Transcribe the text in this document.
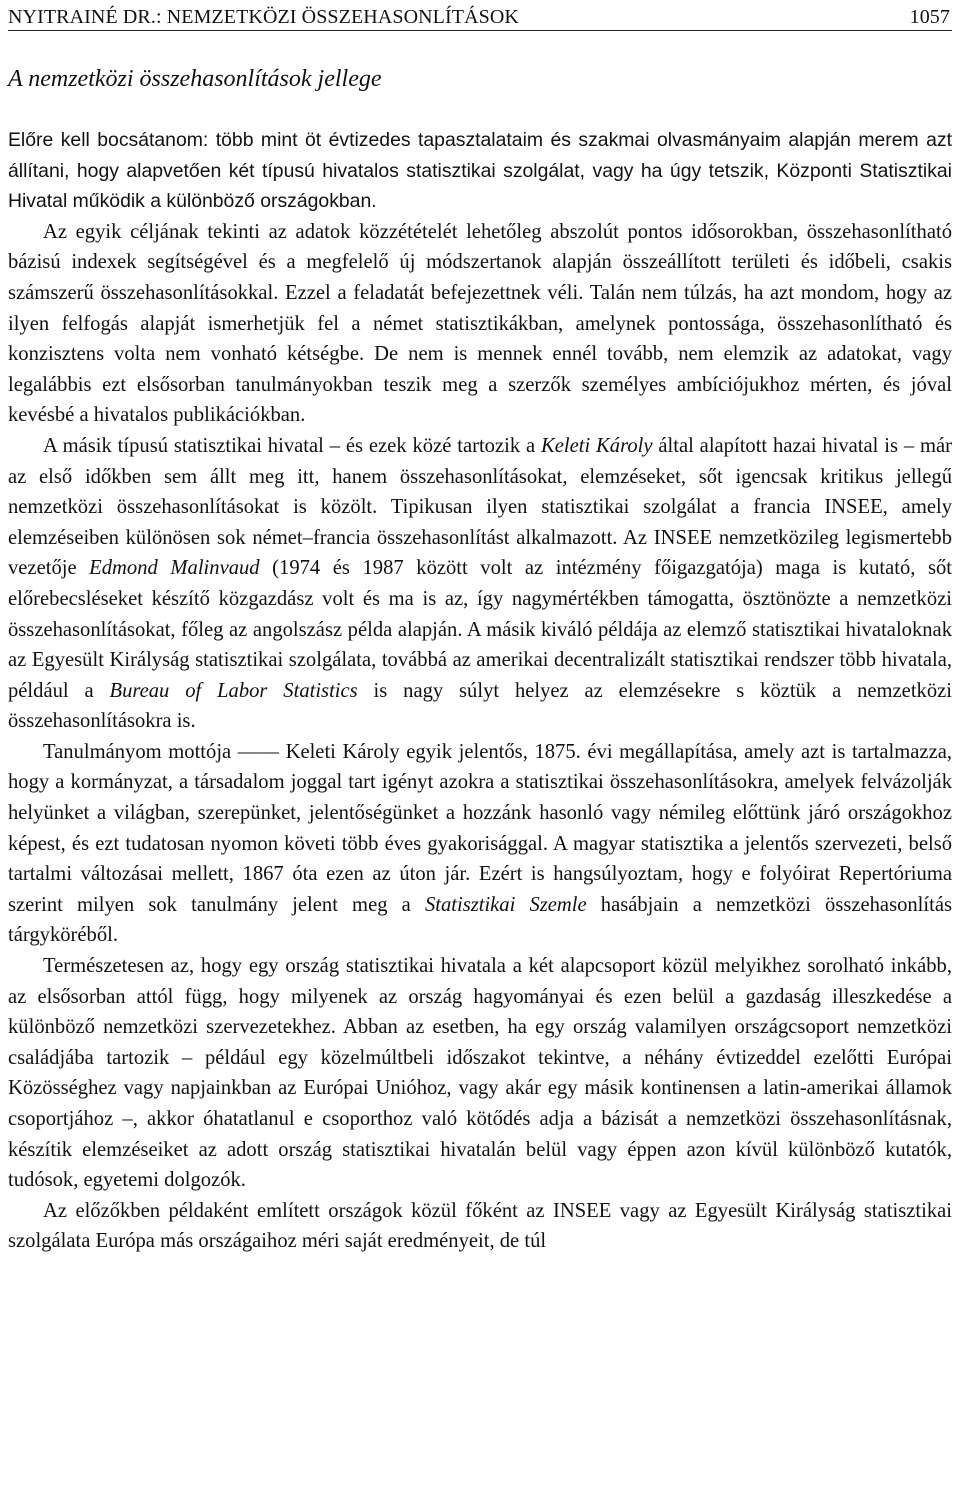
NYITRAINÉ DR.: NEMZETKÖZI ÖSSZEHASONLÍTÁSOK	1057
A nemzetközi összehasonlítások jellege

Előre kell bocsátanom: több mint öt évtizedes tapasztalataim és szakmai olvasmányaim alapján merem azt állítani, hogy alapvetően két típusú hivatalos statisztikai szolgálat, vagy ha úgy tetszik, Központi Statisztikai Hivatal működik a különböző országokban.

Az egyik céljának tekinti az adatok közzétételét lehetőleg abszolút pontos idősorokban, összehasonlítható bázisú indexek segítségével és a megfelelő új módszertanok alapján összeállított területi és időbeli, csakis számszerű összehasonlításokkal. Ezzel a feladatát befejezettnek véli. Talán nem túlzás, ha azt mondom, hogy az ilyen felfogás alapját ismerhetjük fel a német statisztikákban, amelynek pontossága, összehasonlítható és konzisztens volta nem vonható kétségbe. De nem is mennek ennél tovább, nem elemzik az adatokat, vagy legalábbis ezt elsősorban tanulmányokban teszik meg a szerzők személyes ambíciójukhoz mérten, és jóval kevésbé a hivatalos publikációkban.

A másik típusú statisztikai hivatal – és ezek közé tartozik a Keleti Károly által alapított hazai hivatal is – már az első időkben sem állt meg itt, hanem összehasonlításokat, elemzéseket, sőt igencsak kritikus jellegű nemzetközi összehasonlításokat is közölt. Tipikusan ilyen statisztikai szolgálat a francia INSEE, amely elemzéseiben különösen sok német–francia összehasonlítást alkalmazott. Az INSEE nemzetközileg legismertebb vezetője Edmond Malinvaud (1974 és 1987 között volt az intézmény főigazgatója) maga is kutató, sőt előrebecsléseket készítő közgazdász volt és ma is az, így nagymértékben támogatta, ösztönözte a nemzetközi összehasonlításokat, főleg az angolszász példa alapján. A másik kiváló példája az elemző statisztikai hivataloknak az Egyesült Királyság statisztikai szolgálata, továbbá az amerikai decentralizált statisztikai rendszer több hivatala, például a Bureau of Labor Statistics is nagy súlyt helyez az elemzésekre s köztük a nemzetközi összehasonlításokra is.

Tanulmányom mottója —— Keleti Károly egyik jelentős, 1875. évi megállapítása, amely azt is tartalmazza, hogy a kormányzat, a társadalom joggal tart igényt azokra a statisztikai összehasonlításokra, amelyek felvázolják helyünket a világban, szerepünket, jelentőségünket a hozzánk hasonló vagy némileg előttünk járó országokhoz képest, és ezt tudatosan nyomon követi több éves gyakorisággal. A magyar statisztika a jelentős szervezeti, belső tartalmi változásai mellett, 1867 óta ezen az úton jár. Ezért is hangsúlyoztam, hogy e folyóirat Repertóriuma szerint milyen sok tanulmány jelent meg a Statisztikai Szemle hasábjain a nemzetközi összehasonlítás tárgyköréből.

Természetesen az, hogy egy ország statisztikai hivatala a két alapcsoport közül melyikhez sorolható inkább, az elsősorban attól függ, hogy milyenek az ország hagyományai és ezen belül a gazdaság illeszkedése a különböző nemzetközi szervezetekhez. Abban az esetben, ha egy ország valamilyen országcsoport nemzetközi családjába tartozik – például egy közelmúltbeli időszakot tekintve, a néhány évtizeddel ezelőtti Európai Közösséghez vagy napjainkban az Európai Unióhoz, vagy akár egy másik kontinensen a latin-amerikai államok csoportjához –, akkor óhatatlanul e csoporthoz való kötődés adja a bázisát a nemzetközi összehasonlításnak, készítik elemzéseiket az adott ország statisztikai hivatalán belül vagy éppen azon kívül különböző kutatók, tudósok, egyetemi dolgozók.

Az előzőkben példaként említett országok közül főként az INSEE vagy az Egyesült Királyság statisztikai szolgálata Európa más országaihoz méri saját eredményeit, de túl
